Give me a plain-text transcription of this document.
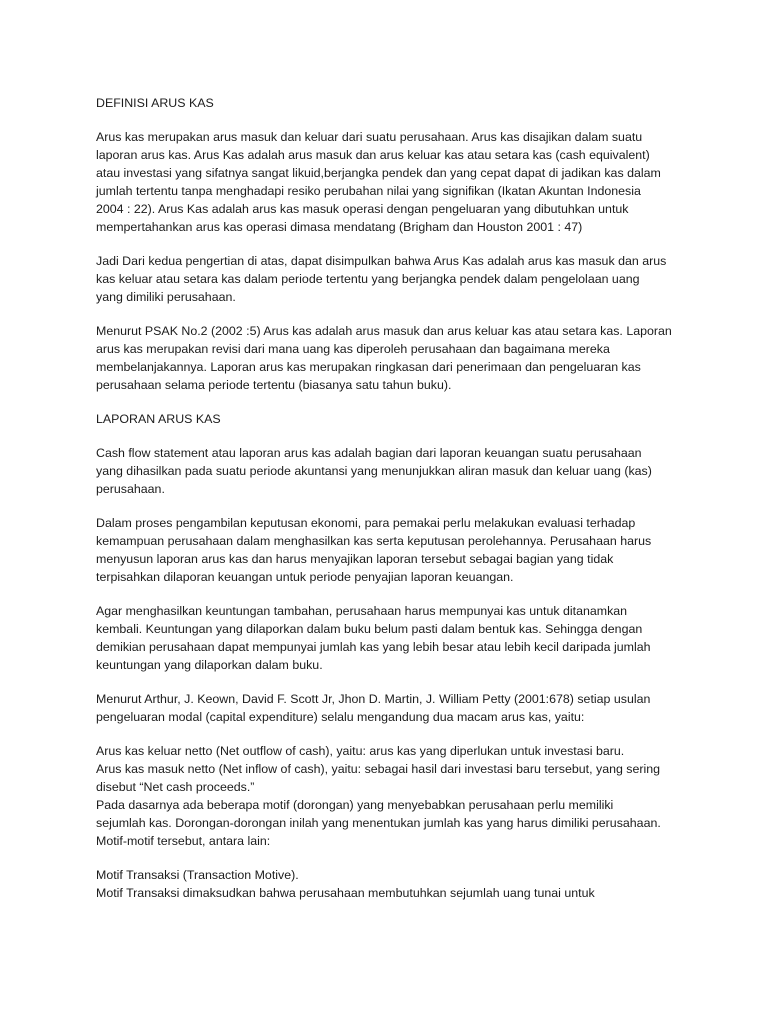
DEFINISI ARUS KAS
Arus kas merupakan arus masuk dan keluar dari suatu perusahaan. Arus kas disajikan dalam suatu
laporan arus kas. Arus Kas adalah arus masuk dan arus keluar kas atau setara kas (cash equivalent)
atau investasi yang sifatnya sangat likuid,berjangka pendek dan yang cepat dapat di jadikan kas dalam
jumlah tertentu tanpa menghadapi resiko perubahan nilai yang signifikan (Ikatan Akuntan Indonesia
2004 : 22). Arus Kas adalah arus kas masuk operasi dengan pengeluaran yang dibutuhkan untuk
mempertahankan arus kas operasi dimasa mendatang (Brigham dan Houston 2001 : 47)
Jadi Dari kedua pengertian di atas, dapat disimpulkan bahwa Arus Kas adalah arus kas masuk dan arus
kas keluar atau setara kas dalam periode tertentu yang berjangka pendek dalam pengelolaan uang
yang dimiliki perusahaan.
Menurut PSAK No.2 (2002 :5) Arus kas adalah arus masuk dan arus keluar kas atau setara kas. Laporan
arus kas merupakan revisi dari mana uang kas diperoleh perusahaan dan bagaimana mereka
membelanjakannya. Laporan arus kas merupakan ringkasan dari penerimaan dan pengeluaran kas
perusahaan selama periode tertentu (biasanya satu tahun buku).
LAPORAN ARUS KAS
Cash flow statement atau laporan arus kas adalah bagian dari laporan keuangan suatu perusahaan
yang dihasilkan pada suatu periode akuntansi yang menunjukkan aliran masuk dan keluar uang (kas)
perusahaan.
Dalam proses pengambilan keputusan ekonomi, para pemakai perlu melakukan evaluasi terhadap
kemampuan perusahaan dalam menghasilkan kas serta keputusan perolehannya. Perusahaan harus
menyusun laporan arus kas dan harus menyajikan laporan tersebut sebagai bagian yang tidak
terpisahkan dilaporan keuangan untuk periode penyajian laporan keuangan.
Agar menghasilkan keuntungan tambahan, perusahaan harus mempunyai kas untuk ditanamkan
kembali. Keuntungan yang dilaporkan dalam buku belum pasti dalam bentuk kas. Sehingga dengan
demikian perusahaan dapat mempunyai jumlah kas yang lebih besar atau lebih kecil daripada jumlah
keuntungan yang dilaporkan dalam buku.
Menurut Arthur, J. Keown, David F. Scott Jr, Jhon D. Martin, J. William Petty (2001:678) setiap usulan
pengeluaran modal (capital expenditure) selalu mengandung dua macam arus kas, yaitu:
Arus kas keluar netto (Net outflow of cash), yaitu: arus kas yang diperlukan untuk investasi baru.
Arus kas masuk netto (Net inflow of cash), yaitu: sebagai hasil dari investasi baru tersebut, yang sering
disebut “Net cash proceeds.”
Pada dasarnya ada beberapa motif (dorongan) yang menyebabkan perusahaan perlu memiliki
sejumlah kas. Dorongan-dorongan inilah yang menentukan jumlah kas yang harus dimiliki perusahaan.
Motif-motif tersebut, antara lain:
Motif Transaksi (Transaction Motive).
Motif Transaksi dimaksudkan bahwa perusahaan membutuhkan sejumlah uang tunai untuk
